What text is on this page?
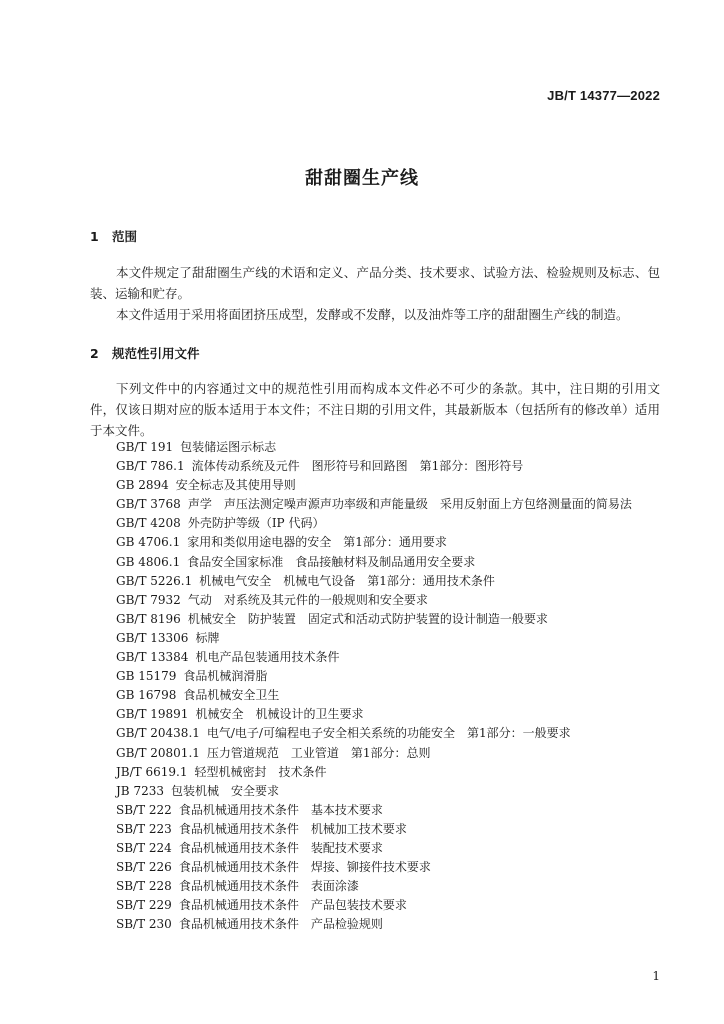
JB/T 14377—2022
甜甜圈生产线
1 范围
本文件规定了甜甜圈生产线的术语和定义、产品分类、技术要求、试验方法、检验规则及标志、包装、运输和贮存。
本文件适用于采用将面团挤压成型，发酵或不发酵，以及油炸等工序的甜甜圈生产线的制造。
2 规范性引用文件
下列文件中的内容通过文中的规范性引用而构成本文件必不可少的条款。其中，注日期的引用文件，仅该日期对应的版本适用于本文件；不注日期的引用文件，其最新版本（包括所有的修改单）适用于本文件。
GB/T 191 包装储运图示标志
GB/T 786.1 流体传动系统及元件　图形符号和回路图　第1部分：图形符号
GB 2894 安全标志及其使用导则
GB/T 3768 声学　声压法测定噪声源声功率级和声能量级　采用反射面上方包络测量面的简易法
GB/T 4208 外壳防护等级（IP 代码）
GB 4706.1 家用和类似用途电器的安全　第1部分：通用要求
GB 4806.1 食品安全国家标准　食品接触材料及制品通用安全要求
GB/T 5226.1 机械电气安全　机械电气设备　第1部分：通用技术条件
GB/T 7932 气动　对系统及其元件的一般规则和安全要求
GB/T 8196 机械安全　防护装置　固定式和活动式防护装置的设计制造一般要求
GB/T 13306 标牌
GB/T 13384 机电产品包装通用技术条件
GB 15179 食品机械润滑脂
GB 16798 食品机械安全卫生
GB/T 19891 机械安全　机械设计的卫生要求
GB/T 20438.1 电气/电子/可编程电子安全相关系统的功能安全　第1部分：一般要求
GB/T 20801.1 压力管道规范　工业管道　第1部分：总则
JB/T 6619.1 轻型机械密封　技术条件
JB 7233 包装机械　安全要求
SB/T 222 食品机械通用技术条件　基本技术要求
SB/T 223 食品机械通用技术条件　机械加工技术要求
SB/T 224 食品机械通用技术条件　装配技术要求
SB/T 226 食品机械通用技术条件　焊接、铆接件技术要求
SB/T 228 食品机械通用技术条件　表面涂漆
SB/T 229 食品机械通用技术条件　产品包装技术要求
SB/T 230 食品机械通用技术条件　产品检验规则
1
